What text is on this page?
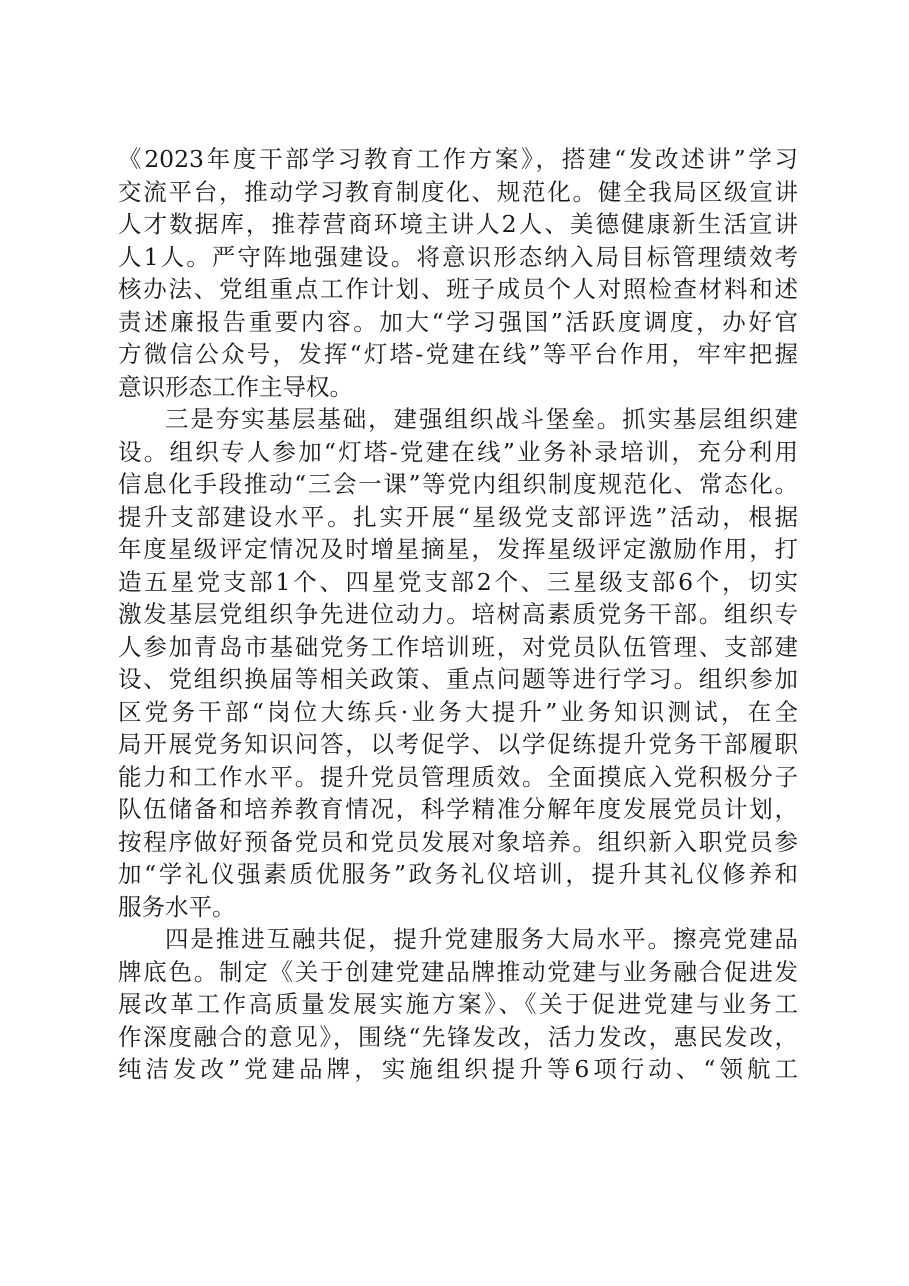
《2023年度干部学习教育工作方案》，搭建“发改述讲”学习
交流平台，推动学习教育制度化、规范化。健全我局区级宣讲
人才数据库，推荐营商环境主讲人2人、美德健康新生活宣讲
人1人。严守阵地强建设。将意识形态纳入局目标管理绩效考
核办法、党组重点工作计划、班子成员个人对照检查材料和述
责述廉报告重要内容。加大“学习强国”活跃度调度，办好官
方微信公众号，发挥“灯塔-党建在线”等平台作用，牢牢把握
意识形态工作主导权。
三是夯实基层基础，建强组织战斗堡垒。抓实基层组织建
设。组织专人参加“灯塔-党建在线”业务补录培训，充分利用
信息化手段推动“三会一课”等党内组织制度规范化、常态化。
提升支部建设水平。扎实开展“星级党支部评选”活动，根据
年度星级评定情况及时增星摘星，发挥星级评定激励作用，打
造五星党支部1个、四星党支部2个、三星级支部6个，切实
激发基层党组织争先进位动力。培树高素质党务干部。组织专
人参加青岛市基础党务工作培训班，对党员队伍管理、支部建
设、党组织换届等相关政策、重点问题等进行学习。组织参加
区党务干部“岗位大练兵·业务大提升”业务知识测试，在全
局开展党务知识问答，以考促学、以学促练提升党务干部履职
能力和工作水平。提升党员管理质效。全面摸底入党积极分子
队伍储备和培养教育情况，科学精准分解年度发展党员计划，
按程序做好预备党员和党员发展对象培养。组织新入职党员参
加“学礼仪强素质优服务”政务礼仪培训，提升其礼仪修养和
服务水平。
四是推进互融共促，提升党建服务大局水平。擦亮党建品
牌底色。制定《关于创建党建品牌推动党建与业务融合促进发
展改革工作高质量发展实施方案》、《关于促进党建与业务工
作深度融合的意见》，围绕“先锋发改，活力发改，惠民发改，
纯洁发改”党建品牌，实施组织提升等6项行动、“领航工
